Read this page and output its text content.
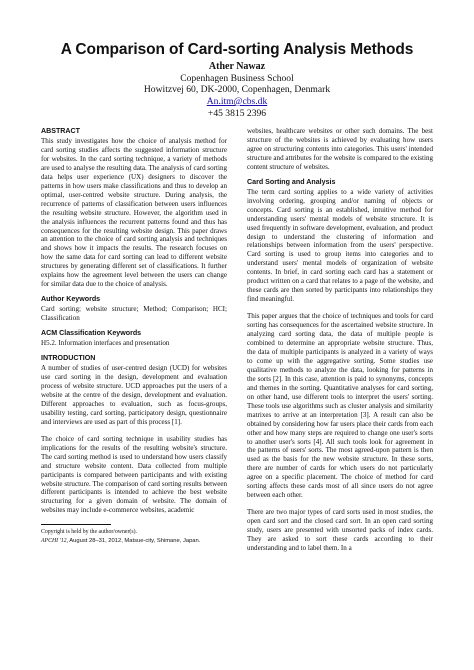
A Comparison of Card-sorting Analysis Methods
Ather Nawaz
Copenhagen Business School
Howitzvej 60, DK-2000, Copenhagen, Denmark
An.itm@cbs.dk
+45 3815 2396
ABSTRACT

This study investigates how the choice of analysis method for card sorting studies affects the suggested information structure for websites. In the card sorting technique, a variety of methods are used to analyse the resulting data. The analysis of card sorting data helps user experience (UX) designers to discover the patterns in how users make classifications and thus to develop an optimal, user-centred website structure. During analysis, the recurrence of patterns of classification between users influences the resulting website structure. However, the algorithm used in the analysis influences the recurrent patterns found and thus has consequences for the resulting website design. This paper draws an attention to the choice of card sorting analysis and techniques and shows how it impacts the results. The research focuses on how the same data for card sorting can lead to different website structures by generating different set of classifications. It further explains how the agreement level between the users can change for similar data due to the choice of analysis.

Author Keywords

Card sorting; website structure; Method; Comparison; HCI; Classification

ACM Classification Keywords

H5.2. Information interfaces and presentation

INTRODUCTION

A number of studies of user-centred design (UCD) for websites use card sorting in the design, development and evaluation process of website structure. UCD approaches put the users of a website at the centre of the design, development and evaluation. Different approaches to evaluation, such as focus-groups, usability testing, card sorting, participatory design, questionnaire and interviews are used as part of this process [1].

The choice of card sorting technique in usability studies has implications for the results of the resulting website's structure. The card sorting method is used to understand how users classify and structure website content. Data collected from multiple participants is compared between participants and with existing website structure. The comparison of card sorting results between different participants is intended to achieve the best website structuring for a given domain of website. The domain of websites may include e-commerce websites, academic

Copyright is held by the author/owner(s).
APCHI '12, August 28–31, 2012, Matsue-city, Shimane, Japan.

websites, healthcare websites or other such domains. The best structure of the websites is achieved by evaluating how users agree on structuring contents into categories. This users' intended structure and attributes for the website is compared to the existing content structure of websites.

Card Sorting and Analysis

The term card sorting applies to a wide variety of activities involving ordering, grouping and/or naming of objects or concepts. Card sorting is an established, intuitive method for understanding users' mental models of website structure. It is used frequently in software development, evaluation, and product design to understand the clustering of information and relationships between information from the users' perspective. Card sorting is used to group items into categories and to understand users' mental models of organization of website contents. In brief, in card sorting each card has a statement or product written on a card that relates to a page of the website, and these cards are then sorted by participants into relationships they find meaningful.

This paper argues that the choice of techniques and tools for card sorting has consequences for the ascertained website structure. In analyzing card sorting data, the data of multiple people is combined to determine an appropriate website structure. Thus, the data of multiple participants is analyzed in a variety of ways to come up with the aggregative sorting. Some studies use qualitative methods to analyze the data, looking for patterns in the sorts [2]. In this case, attention is paid to synonyms, concepts and themes in the sorting. Quantitative analyses for card sorting, on other hand, use different tools to interpret the users' sorting. These tools use algorithms such as cluster analysis and similarity matrixes to arrive at an interpretation [3]. A result can also be obtained by considering how far users place their cards from each other and how many steps are required to change one user's sorts to another user's sorts [4]. All such tools look for agreement in the patterns of users' sorts. The most agreed-upon pattern is then used as the basis for the new website structure. In these sorts, there are number of cards for which users do not particularly agree on a specific placement. The choice of method for card sorting affects these cards most of all since users do not agree between each other.

There are two major types of card sorts used in most studies, the open card sort and the closed card sort. In an open card sorting study, users are presented with unsorted packs of index cards. They are asked to sort these cards according to their understanding and to label them. In a
